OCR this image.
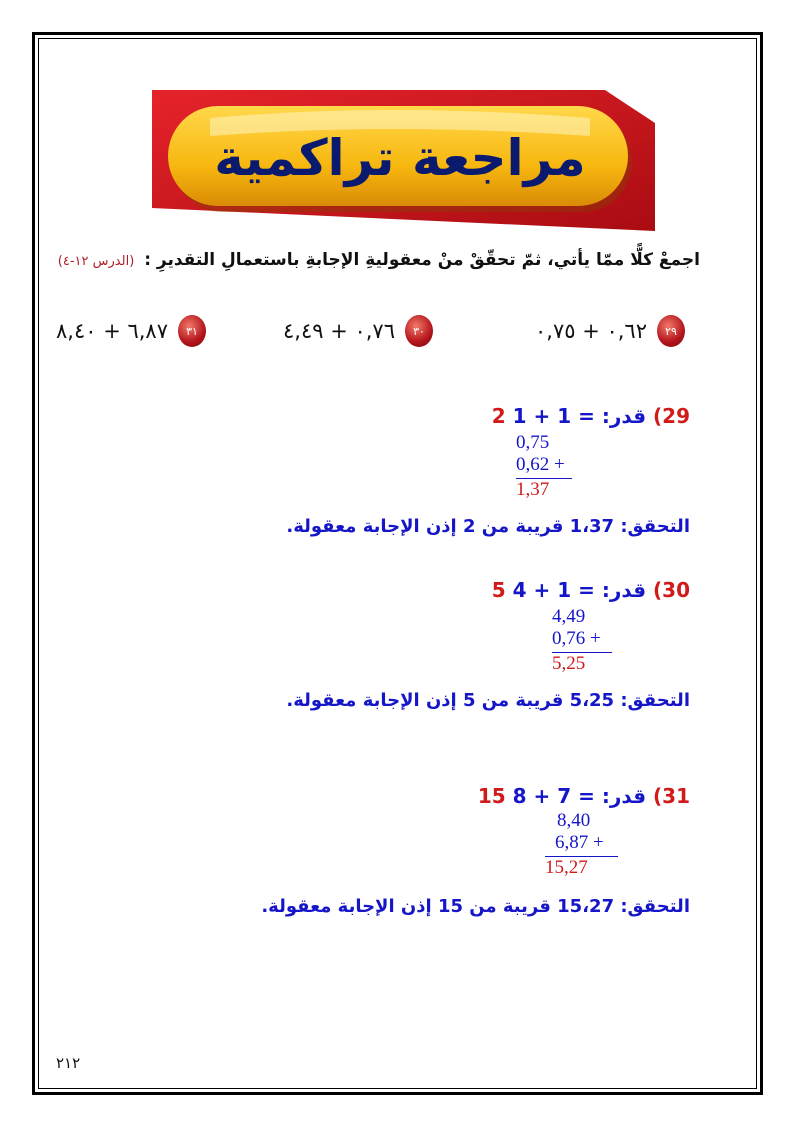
مراجعة تراكمية
اجمعْ كلًّا ممّا يأتي، ثمّ تحقّقْ منْ معقوليةِ الإجابةِ باستعمالِ التقديرِ : (الدرس ١٢-٤)
٠,٦٢ + ٠,٧٥	٢٩
٠,٧٦ + ٤,٤٩	٣٠
٦,٨٧ + ٨,٤٠	٣١
29) قدر: 1 + 1 = 2
0,75
0,62 +
1,37
التحقق: 1،37 قريبة من 2 إذن الإجابة معقولة.
30) قدر: 4 + 1 = 5
4,49
0,76 +
5,25
التحقق: 5،25 قريبة من 5 إذن الإجابة معقولة.
31) قدر: 8 + 7 = 15
8,40
6,87 +
15,27
التحقق: 15،27 قريبة من 15 إذن الإجابة معقولة.
٢١٢
